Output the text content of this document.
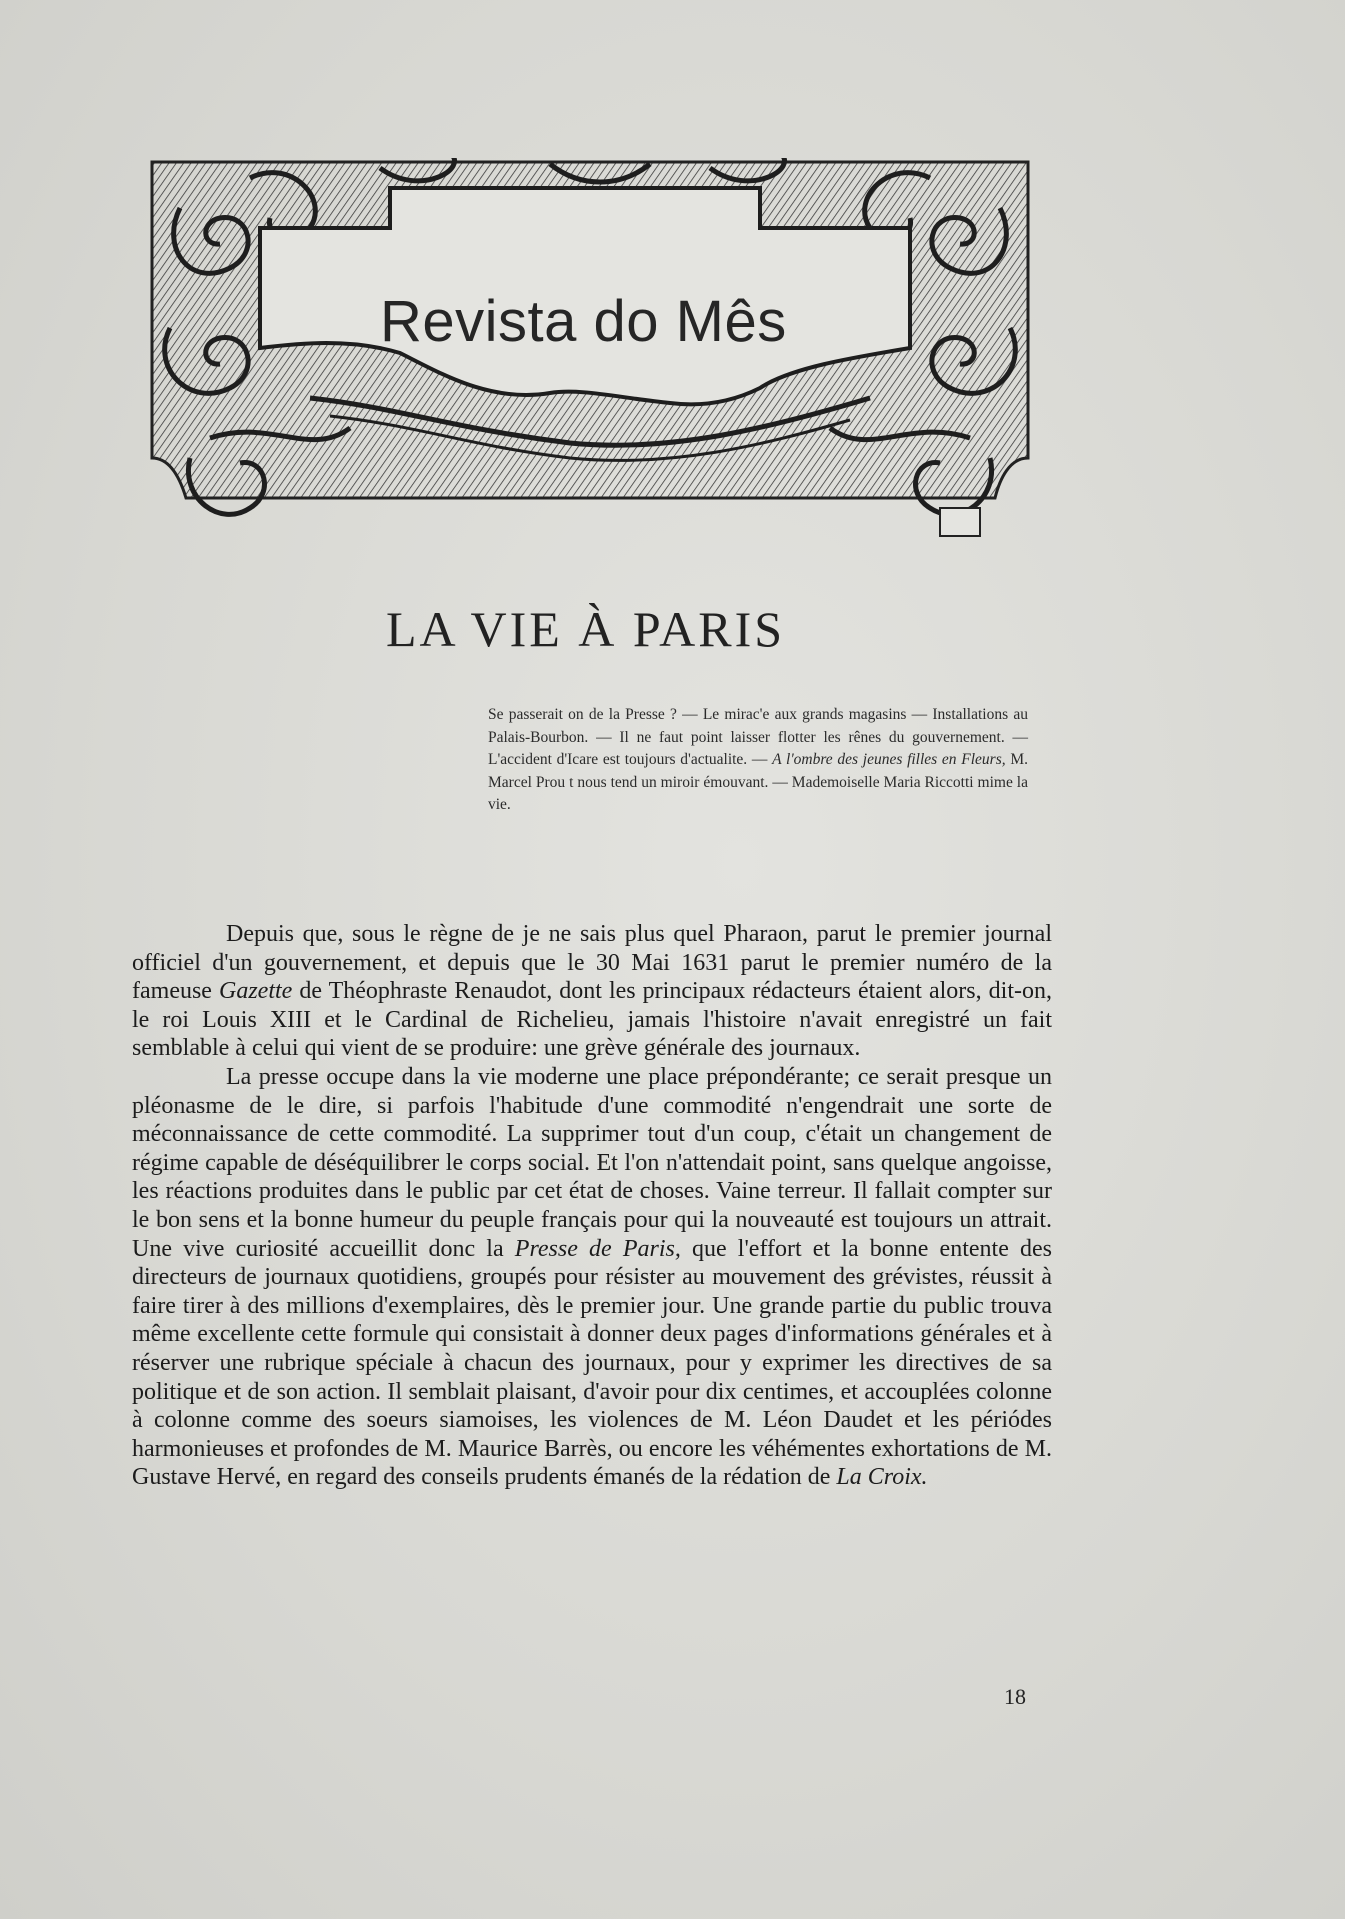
Revista do Mês
LA VIE À PARIS
Se passerait on de la Presse ? — Le mirac'e aux grands magasins — Installations au Palais-Bourbon. — Il ne faut point laisser flotter les rênes du gouvernement. — L'accident d'Icare est toujours d'actualite. — A l'ombre des jeunes filles en Fleurs, M. Marcel Prou t nous tend un miroir émouvant. — Mademoiselle Maria Riccotti mime la vie.

Depuis que, sous le règne de je ne sais plus quel Pharaon, parut le premier journal officiel d'un gouvernement, et depuis que le 30 Mai 1631 parut le premier numéro de la fameuse Gazette de Théophraste Renaudot, dont les principaux rédacteurs étaient alors, dit-on, le roi Louis XIII et le Cardinal de Richelieu, jamais l'histoire n'avait enregistré un fait semblable à celui qui vient de se produire: une grève générale des journaux.

La presse occupe dans la vie moderne une place prépondérante; ce serait presque un pléonasme de le dire, si parfois l'habitude d'une commodité n'engendrait une sorte de méconnaissance de cette commodité. La supprimer tout d'un coup, c'était un changement de régime capable de déséquilibrer le corps social. Et l'on n'attendait point, sans quelque angoisse, les réactions produites dans le public par cet état de choses. Vaine terreur. Il fallait compter sur le bon sens et la bonne humeur du peuple français pour qui la nouveauté est toujours un attrait. Une vive curiosité accueillit donc la Presse de Paris, que l'effort et la bonne entente des directeurs de journaux quotidiens, groupés pour résister au mouvement des grévistes, réussit à faire tirer à des millions d'exemplaires, dès le premier jour. Une grande partie du public trouva même excellente cette formule qui consistait à donner deux pages d'informations générales et à réserver une rubrique spéciale à chacun des journaux, pour y exprimer les directives de sa politique et de son action. Il semblait plaisant, d'avoir pour dix centimes, et accouplées colonne à colonne comme des soeurs siamoises, les violences de M. Léon Daudet et les périódes harmonieuses et profondes de M. Maurice Barrès, ou encore les véhémentes exhortations de M. Gustave Hervé, en regard des conseils prudents émanés de la rédation de La Croix.

18
